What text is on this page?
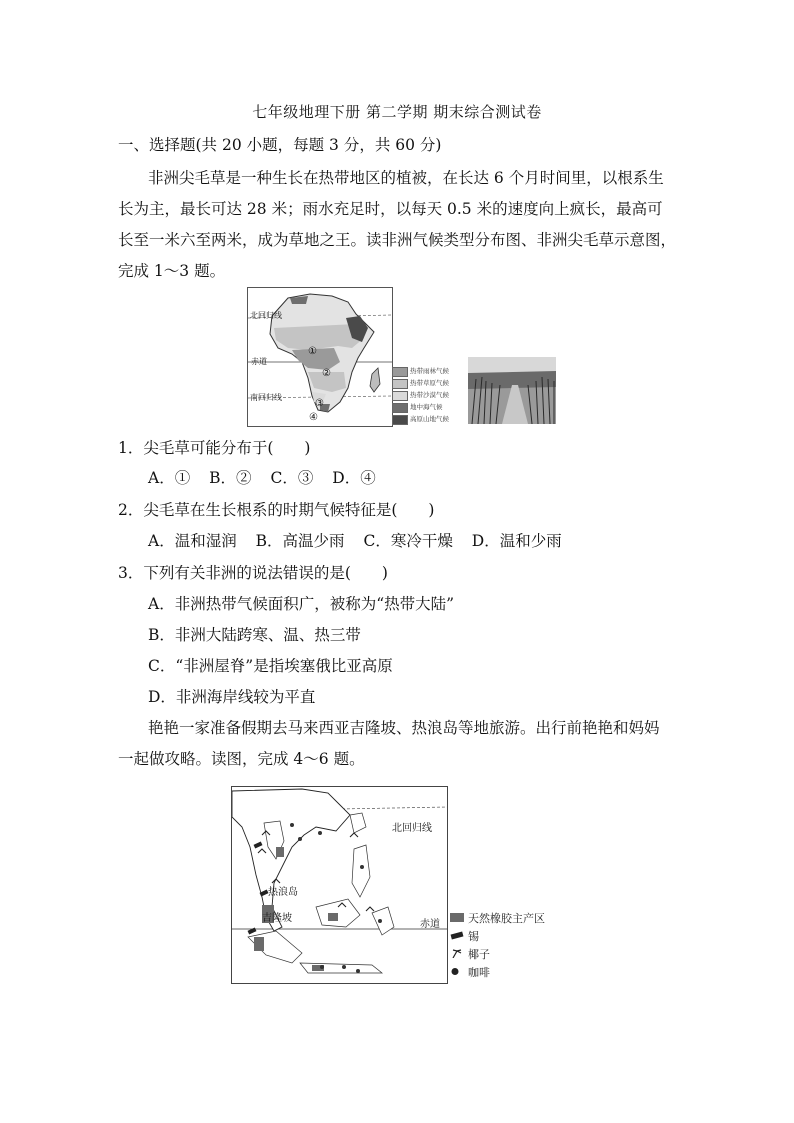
七年级地理下册 第二学期 期末综合测试卷
一、选择题(共 20 小题，每题 3 分，共 60 分)
非洲尖毛草是一种生长在热带地区的植被，在长达 6 个月时间里，以根系生
长为主，最长可达 28 米；雨水充足时，以每天 0.5 米的速度向上疯长，最高可
长至一米六至两米，成为草地之王。读非洲气候类型分布图、非洲尖毛草示意图，
完成 1～3 题。
北回归线
赤道
南回归线
①
②
③
④
热带雨林气候
热带草原气候
热带沙漠气候
地中海气候
高原山地气候
1．尖毛草可能分布于(　　)
A．① B．② C．③ D．④
2．尖毛草在生长根系的时期气候特征是(　　)
A．温和湿润 B．高温少雨 C．寒冷干燥 D．温和少雨
3．下列有关非洲的说法错误的是(　　)
A．非洲热带气候面积广，被称为“热带大陆”
B．非洲大陆跨寒、温、热三带
C．“非洲屋脊”是指埃塞俄比亚高原
D．非洲海岸线较为平直
艳艳一家准备假期去马来西亚吉隆坡、热浪岛等地旅游。出行前艳艳和妈妈
一起做攻略。读图，完成 4～6 题。
北回归线
赤道
热浪岛
吉隆坡	天然橡胶主产区
锡
椰子
咖啡
